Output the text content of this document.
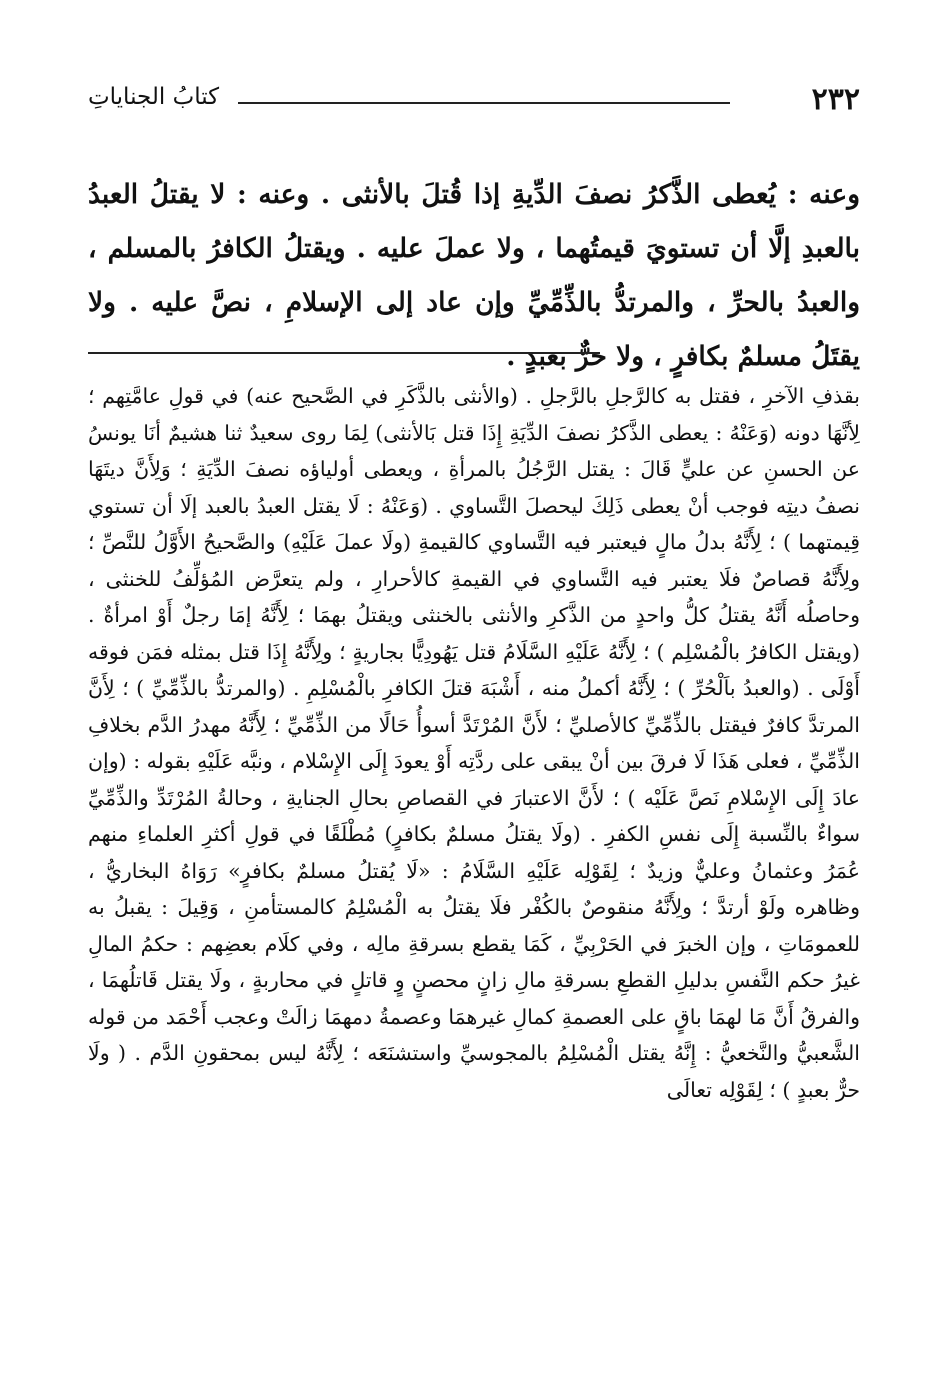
٢٣٢
كتابُ الجناياتِ

وعنه : يُعطى الذَّكرُ نصفَ الدِّيةِ إذا قُتلَ بالأنثى . وعنه : لا يقتلُ العبدُ بالعبدِ إلَّا أن تستويَ قيمتُهما ، ولا عملَ عليه . ويقتلُ الكافرُ بالمسلم ، والعبدُ بالحرِّ ، والمرتدُّ بالذِّمِّيِّ وإن عاد إلى الإسلامِ ، نصَّ عليه . ولا يقتَلُ مسلمٌ بكافرٍ ، ولا حرٌّ بعبدٍ .

بقذفِ الآخرِ ، فقتل به كالرَّجلِ بالرَّجلِ . (والأنثى بالذَّكَرِ في الصَّحيح عنه) في قولِ عامَّتِهم ؛ لِأنَّهَا دونه (وَعَنْهُ : يعطى الذَّكرُ نصفَ الدِّيَةِ إِذَا قتل بَالأنثى) لِمَا روى سعيدٌ ثنا هشيمٌ أنَا يونسُ عن الحسنِ عن عليٍّ قَالَ : يقتل الرَّجُلُ بالمرأةِ ، ويعطى أولياؤه نصفَ الدِّيَةِ ؛ وَلِأَنَّ ديتَهَا نصفُ ديتِه فوجب أنْ يعطى ذَلِكَ ليحصلَ التَّساوي . (وَعَنْهُ : لَا يقتل العبدُ بالعبد إلَا أن تستوي قِيمتهما ) ؛ لِأَنَّهُ بدلُ مالٍ فيعتبر فيه التَّساوي كالقيمةِ (ولَا عملَ عَلَيْهِ) والصَّحيحُ الأَوَّلُ للنَّصِّ ؛ ولِأَنَّهُ قصاصٌ فلَا يعتبر فيه التَّساوي في القيمةِ كالأحرارِ ، ولم يتعرَّض المُؤلِّفُ للخنثى ، وحاصلُه أَنَّهُ يقتلُ كلُّ واحدٍ من الذَّكرِ والأنثى بالخنثى ويقتلُ بهمَا ؛ لِأَنَّهُ إمَا رجلٌ أَوْ امرأةٌ . (ويقتل الكافرُ بالْمُسْلِم ) ؛ لِأَنَّهُ عَلَيْهِ السَّلَامُ قتل يَهُودِيًّا بجاريةٍ ؛ ولِأَنَّهُ إِذَا قتل بمثله فمَن فوقه أَوْلَى . (والعبدُ باَلْحُرِّ ) ؛ لِأَنَّهُ أكملُ منه ، أَشْبَهَ قتلَ الكافرِ بالْمُسْلِمِ . (والمرتدُّ بالذِّمِّيِّ ) ؛ لِأَنَّ المرتدَّ كافرٌ فيقتل بالذِّمِّيِّ كالأصليِّ ؛ لأَنَّ المُرْتَدَّ أسوأُ حَالًا من الذِّمِّيِّ ؛ لِأَنَّهُ مهدرُ الدَّم بخلافِ الذِّمِّيِّ ، فعلى هَذَا لَا فرقَ بين أنْ يبقى على ردَّتِه أَوْ يعودَ إِلَى الإِسْلام ، ونبَّه عَلَيْهِ بقوله : (وإن عادَ إِلَى الإِسْلامِ نَصَّ عَلَيْه ) ؛ لأَنَّ الاعتبارَ في القصاصِ بحالِ الجنايةِ ، وحالةُ المُرْتَدِّ والذِّمِّيِّ سواءٌ بالنِّسبة إِلَى نفسِ الكفرِ . (ولَا يقتلُ مسلمٌ بكافرٍ) مُطْلَقًا في قولِ أكثرِ العلماءِ منهم عُمَرُ وعثمانُ وعليٌّ وزيدٌ ؛ لِقَوْلِه عَلَيْهِ السَّلَامُ : «لَا يُقتلُ مسلمٌ بكافرٍ» رَوَاهُ البخاريُّ ، وظاهره ولَوْ أرتدَّ ؛ ولِأَنَّهُ منقوصٌ بالكُفْر فلَا يقتلُ به الْمُسْلِمُ كالمستأمنِ ، وَقِيلَ : يقبلُ به للعمومَاتِ ، وإن الخبرَ في الحَرْبِيِّ ، كَمَا يقطع بسرقةِ مالِه ، وفي كلَام بعضِهم : حكمُ المالِ غيرُ حكم النَّفسِ بدليلِ القطعِ بسرقةِ مالِ زانٍ محصنٍ وٍ قاتلٍ في محاربةٍ ، ولَا يقتل قَاتلُهمَا ، والفرقُ أَنَّ مَا لهمَا باقٍ على العصمةِ كمالِ غيرهمَا وعصمةُ دمهمَا زالَتْ وعجب أَحْمَد من قوله الشَّعبيُّ والنَّخعيُّ : إِنَّهُ يقتل الْمُسْلِمُ بالمجوسيِّ واستشنَعَه ؛ لِأَنَّهُ ليس بمحقونِ الدَّم . ( ولَا حرٌّ بعبدٍ ) ؛ لِقَوْلِه تعالَى
